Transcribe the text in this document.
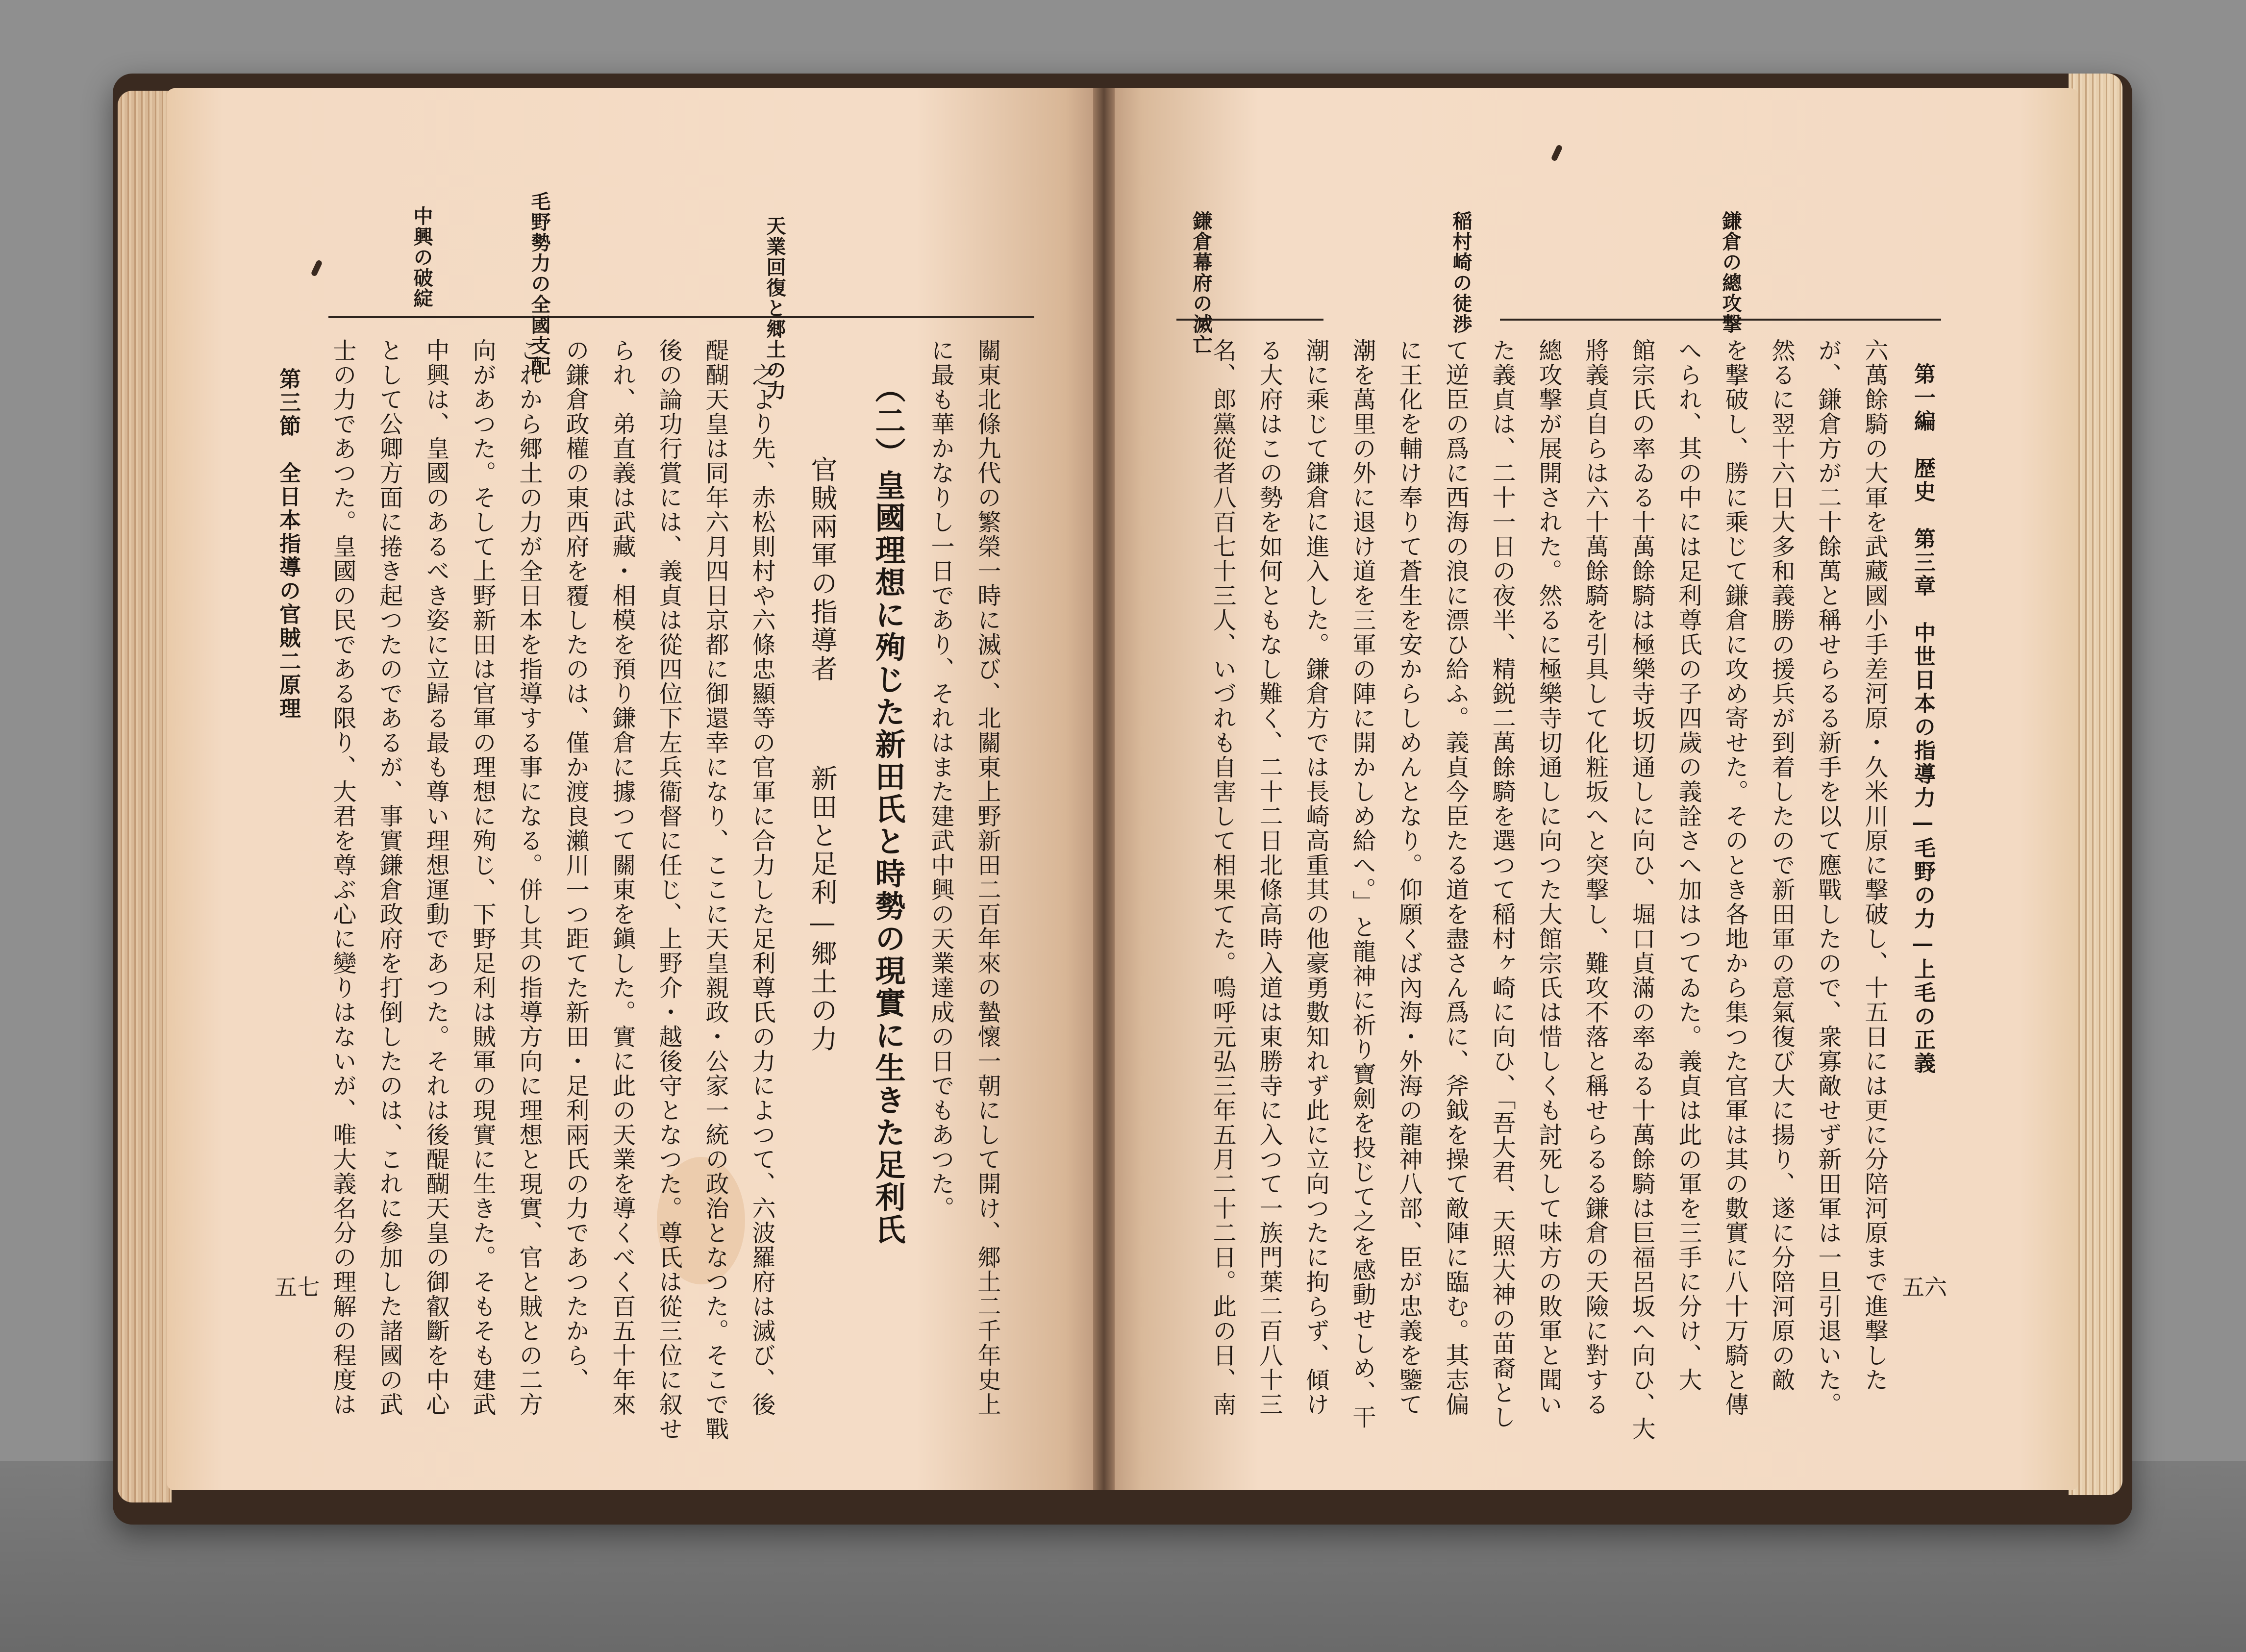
第一編　歴史　第三章　中世日本の指導力—毛野の力—上毛の正義
五六
鎌倉の總攻撃
稲村崎の徒渉
鎌倉幕府の滅亡
六萬餘騎の大軍を武藏國小手差河原・久米川原に撃破し、十五日には更に分陪河原まで進撃した
が、鎌倉方が二十餘萬と稱せらるる新手を以て應戰したので、衆寡敵せず新田軍は一旦引退いた。
然るに翌十六日大多和義勝の援兵が到着したので新田軍の意氣復び大に揚り、遂に分陪河原の敵
を撃破し、勝に乘じて鎌倉に攻め寄せた。そのとき各地から集つた官軍は其の數實に八十万騎と傳
へられ、其の中には足利尊氏の子四歲の義詮さへ加はつてゐた。義貞は此の軍を三手に分け、大
館宗氏の率ゐる十萬餘騎は極樂寺坂切通しに向ひ、堀口貞滿の率ゐる十萬餘騎は巨福呂坂へ向ひ、大
將義貞自らは六十萬餘騎を引具して化粧坂へと突撃し、難攻不落と稱せらるる鎌倉の天險に對する
總攻撃が展開された。然るに極樂寺切通しに向つた大館宗氏は惜しくも討死して味方の敗軍と聞い
た義貞は、二十一日の夜半、精鋭二萬餘騎を選つて稲村ヶ崎に向ひ、「吾大君、天照大神の苗裔とし
て逆臣の爲に西海の浪に漂ひ給ふ。義貞今臣たる道を盡さん爲に、斧鉞を操て敵陣に臨む。其志偏
に王化を輔け奉りて蒼生を安からしめんとなり。仰願くば內海・外海の龍神八部、臣が忠義を鑒て
潮を萬里の外に退け道を三軍の陣に開かしめ給へ。」と龍神に祈り寶劍を投じて之を感動せしめ、干
潮に乘じて鎌倉に進入した。鎌倉方では長崎高重其の他豪勇數知れず此に立向つたに拘らず、傾け
る大府はこの勢を如何ともなし難く、二十二日北條高時入道は東勝寺に入つて一族門葉二百八十三
名、郎黨從者八百七十三人、いづれも自害して相果てた。嗚呼元弘三年五月二十二日。此の日、南
天業回復と郷土の力
毛野勢力の全國支配
中興の破綻
關東北條九代の繁榮一時に滅び、北關東上野新田二百年來の蟄懷一朝にして開け、郷土二千年史上
に最も華かなりし一日であり、それはまた建武中興の天業達成の日でもあつた。
（二）皇國理想に殉じた新田氏と時勢の現實に生きた足利氏
官賊兩軍の指導者
新田と足利—郷土の力
之より先、赤松則村や六條忠顯等の官軍に合力した足利尊氏の力によつて、六波羅府は滅び、後
醍醐天皇は同年六月四日京都に御還幸になり、ここに天皇親政・公家一統の政治となつた。そこで戰
後の論功行賞には、義貞は從四位下左兵衞督に任じ、上野介・越後守となつた。尊氏は從三位に叙せ
られ、弟直義は武藏・相模を預り鎌倉に據つて關東を鎭した。實に此の天業を導くべく百五十年來
の鎌倉政權の東西府を覆したのは、僅か渡良瀨川一つ距てた新田・足利兩氏の力であつたから、
これから郷土の力が全日本を指導する事になる。併し其の指導方向に理想と現實、官と賊との二方
向があつた。そして上野新田は官軍の理想に殉じ、下野足利は賊軍の現實に生きた。そもそも建武
中興は、皇國のあるべき姿に立歸る最も尊い理想運動であつた。それは後醍醐天皇の御叡斷を中心
として公卿方面に捲き起つたのであるが、事實鎌倉政府を打倒したのは、これに參加した諸國の武
士の力であつた。皇國の民である限り、大君を尊ぶ心に變りはないが、唯大義名分の理解の程度は
第三節　全日本指導の官賊二原理
五七
